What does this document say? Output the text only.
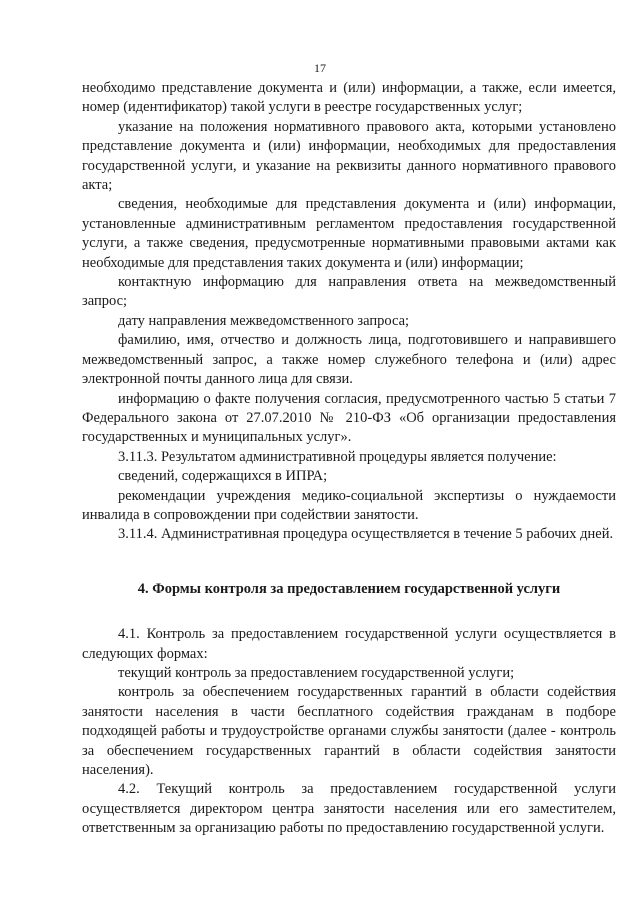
17

необходимо представление документа и (или) информации, а также, если имеется, номер (идентификатор) такой услуги в реестре государственных услуг;

указание на положения нормативного правового акта, которыми установлено представление документа и (или) информации, необходимых для предоставления государственной услуги, и указание на реквизиты данного нормативного правового акта;

сведения, необходимые для представления документа и (или) информации, установленные административным регламентом предоставления государственной услуги, а также сведения, предусмотренные нормативными правовыми актами как необходимые для представления таких документа и (или) информации;

контактную информацию для направления ответа на межведомственный запрос;

дату направления межведомственного запроса;

фамилию, имя, отчество и должность лица, подготовившего и направившего межведомственный запрос, а также номер служебного телефона и (или) адрес электронной почты данного лица для связи.

информацию о факте получения согласия, предусмотренного частью 5 статьи 7 Федерального закона от 27.07.2010 № 210-ФЗ «Об организации предоставления государственных и муниципальных услуг».

3.11.3. Результатом административной процедуры является получение:

сведений, содержащихся в ИПРА;

рекомендации учреждения медико-социальной экспертизы о нуждаемости инвалида в сопровождении при содействии занятости.

3.11.4. Административная процедура осуществляется в течение 5 рабочих дней.

4. Формы контроля за предоставлением государственной услуги

4.1. Контроль за предоставлением государственной услуги осуществляется в следующих формах:

текущий контроль за предоставлением государственной услуги;

контроль за обеспечением государственных гарантий в области содействия занятости населения в части бесплатного содействия гражданам в подборе подходящей работы и трудоустройстве органами службы занятости (далее - контроль за обеспечением государственных гарантий в области содействия занятости населения).

4.2. Текущий контроль за предоставлением государственной услуги осуществляется директором центра занятости населения или его заместителем, ответственным за организацию работы по предоставлению государственной услуги.
